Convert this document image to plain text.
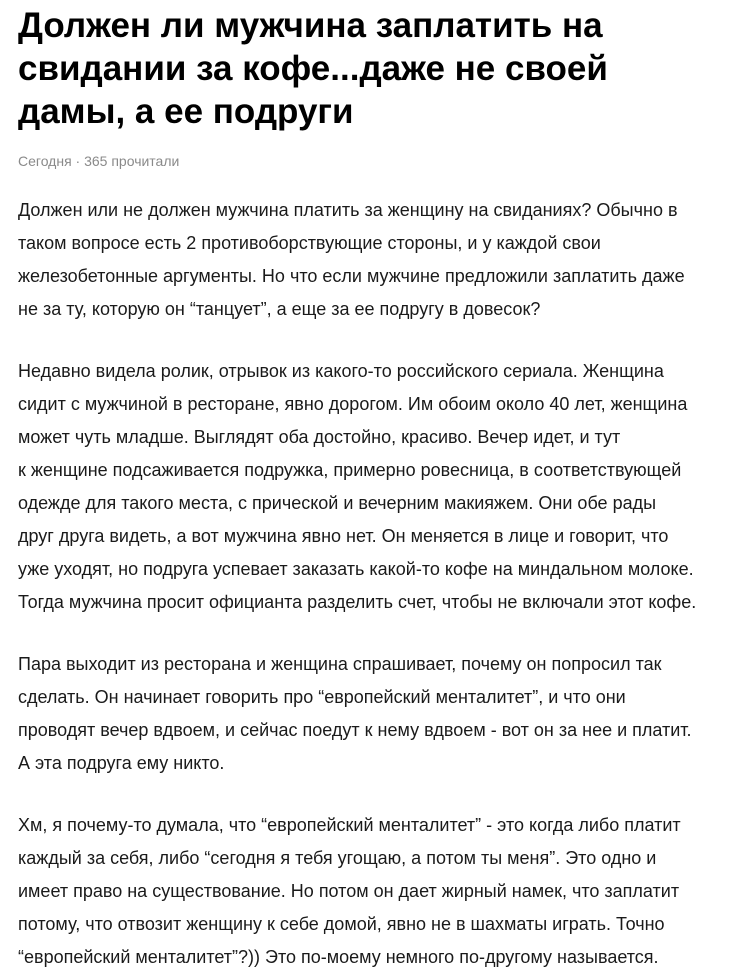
Должен ли мужчина заплатить на
свидании за кофе...даже не своей
дамы, а ее подруги
Сегодня · 365 прочитали

Должен или не должен мужчина платить за женщину на свиданиях? Обычно в
таком вопросе есть 2 противоборствующие стороны, и у каждой свои
железобетонные аргументы. Но что если мужчине предложили заплатить даже
не за ту, которую он “танцует”, а еще за ее подругу в довесок?

Недавно видела ролик, отрывок из какого-то российского сериала. Женщина
сидит с мужчиной в ресторане, явно дорогом. Им обоим около 40 лет, женщина
может чуть младше. Выглядят оба достойно, красиво. Вечер идет, и тут
к женщине подсаживается подружка, примерно ровесница, в соответствующей
одежде для такого места, с прической и вечерним макияжем. Они обе рады
друг друга видеть, а вот мужчина явно нет. Он меняется в лице и говорит, что
уже уходят, но подруга успевает заказать какой-то кофе на миндальном молоке.
Тогда мужчина просит официанта разделить счет, чтобы не включали этот кофе.

Пара выходит из ресторана и женщина спрашивает, почему он попросил так
сделать. Он начинает говорить про “европейский менталитет”, и что они
проводят вечер вдвоем, и сейчас поедут к нему вдвоем - вот он за нее и платит.
А эта подруга ему никто.

Хм, я почему-то думала, что “европейский менталитет” - это когда либо платит
каждый за себя, либо “сегодня я тебя угощаю, а потом ты меня”. Это одно и
имеет право на существование. Но потом он дает жирный намек, что заплатит
потому, что отвозит женщину к себе домой, явно не в шахматы играть. Точно
“европейский менталитет”?)) Это по-моему немного по-другому называется.
